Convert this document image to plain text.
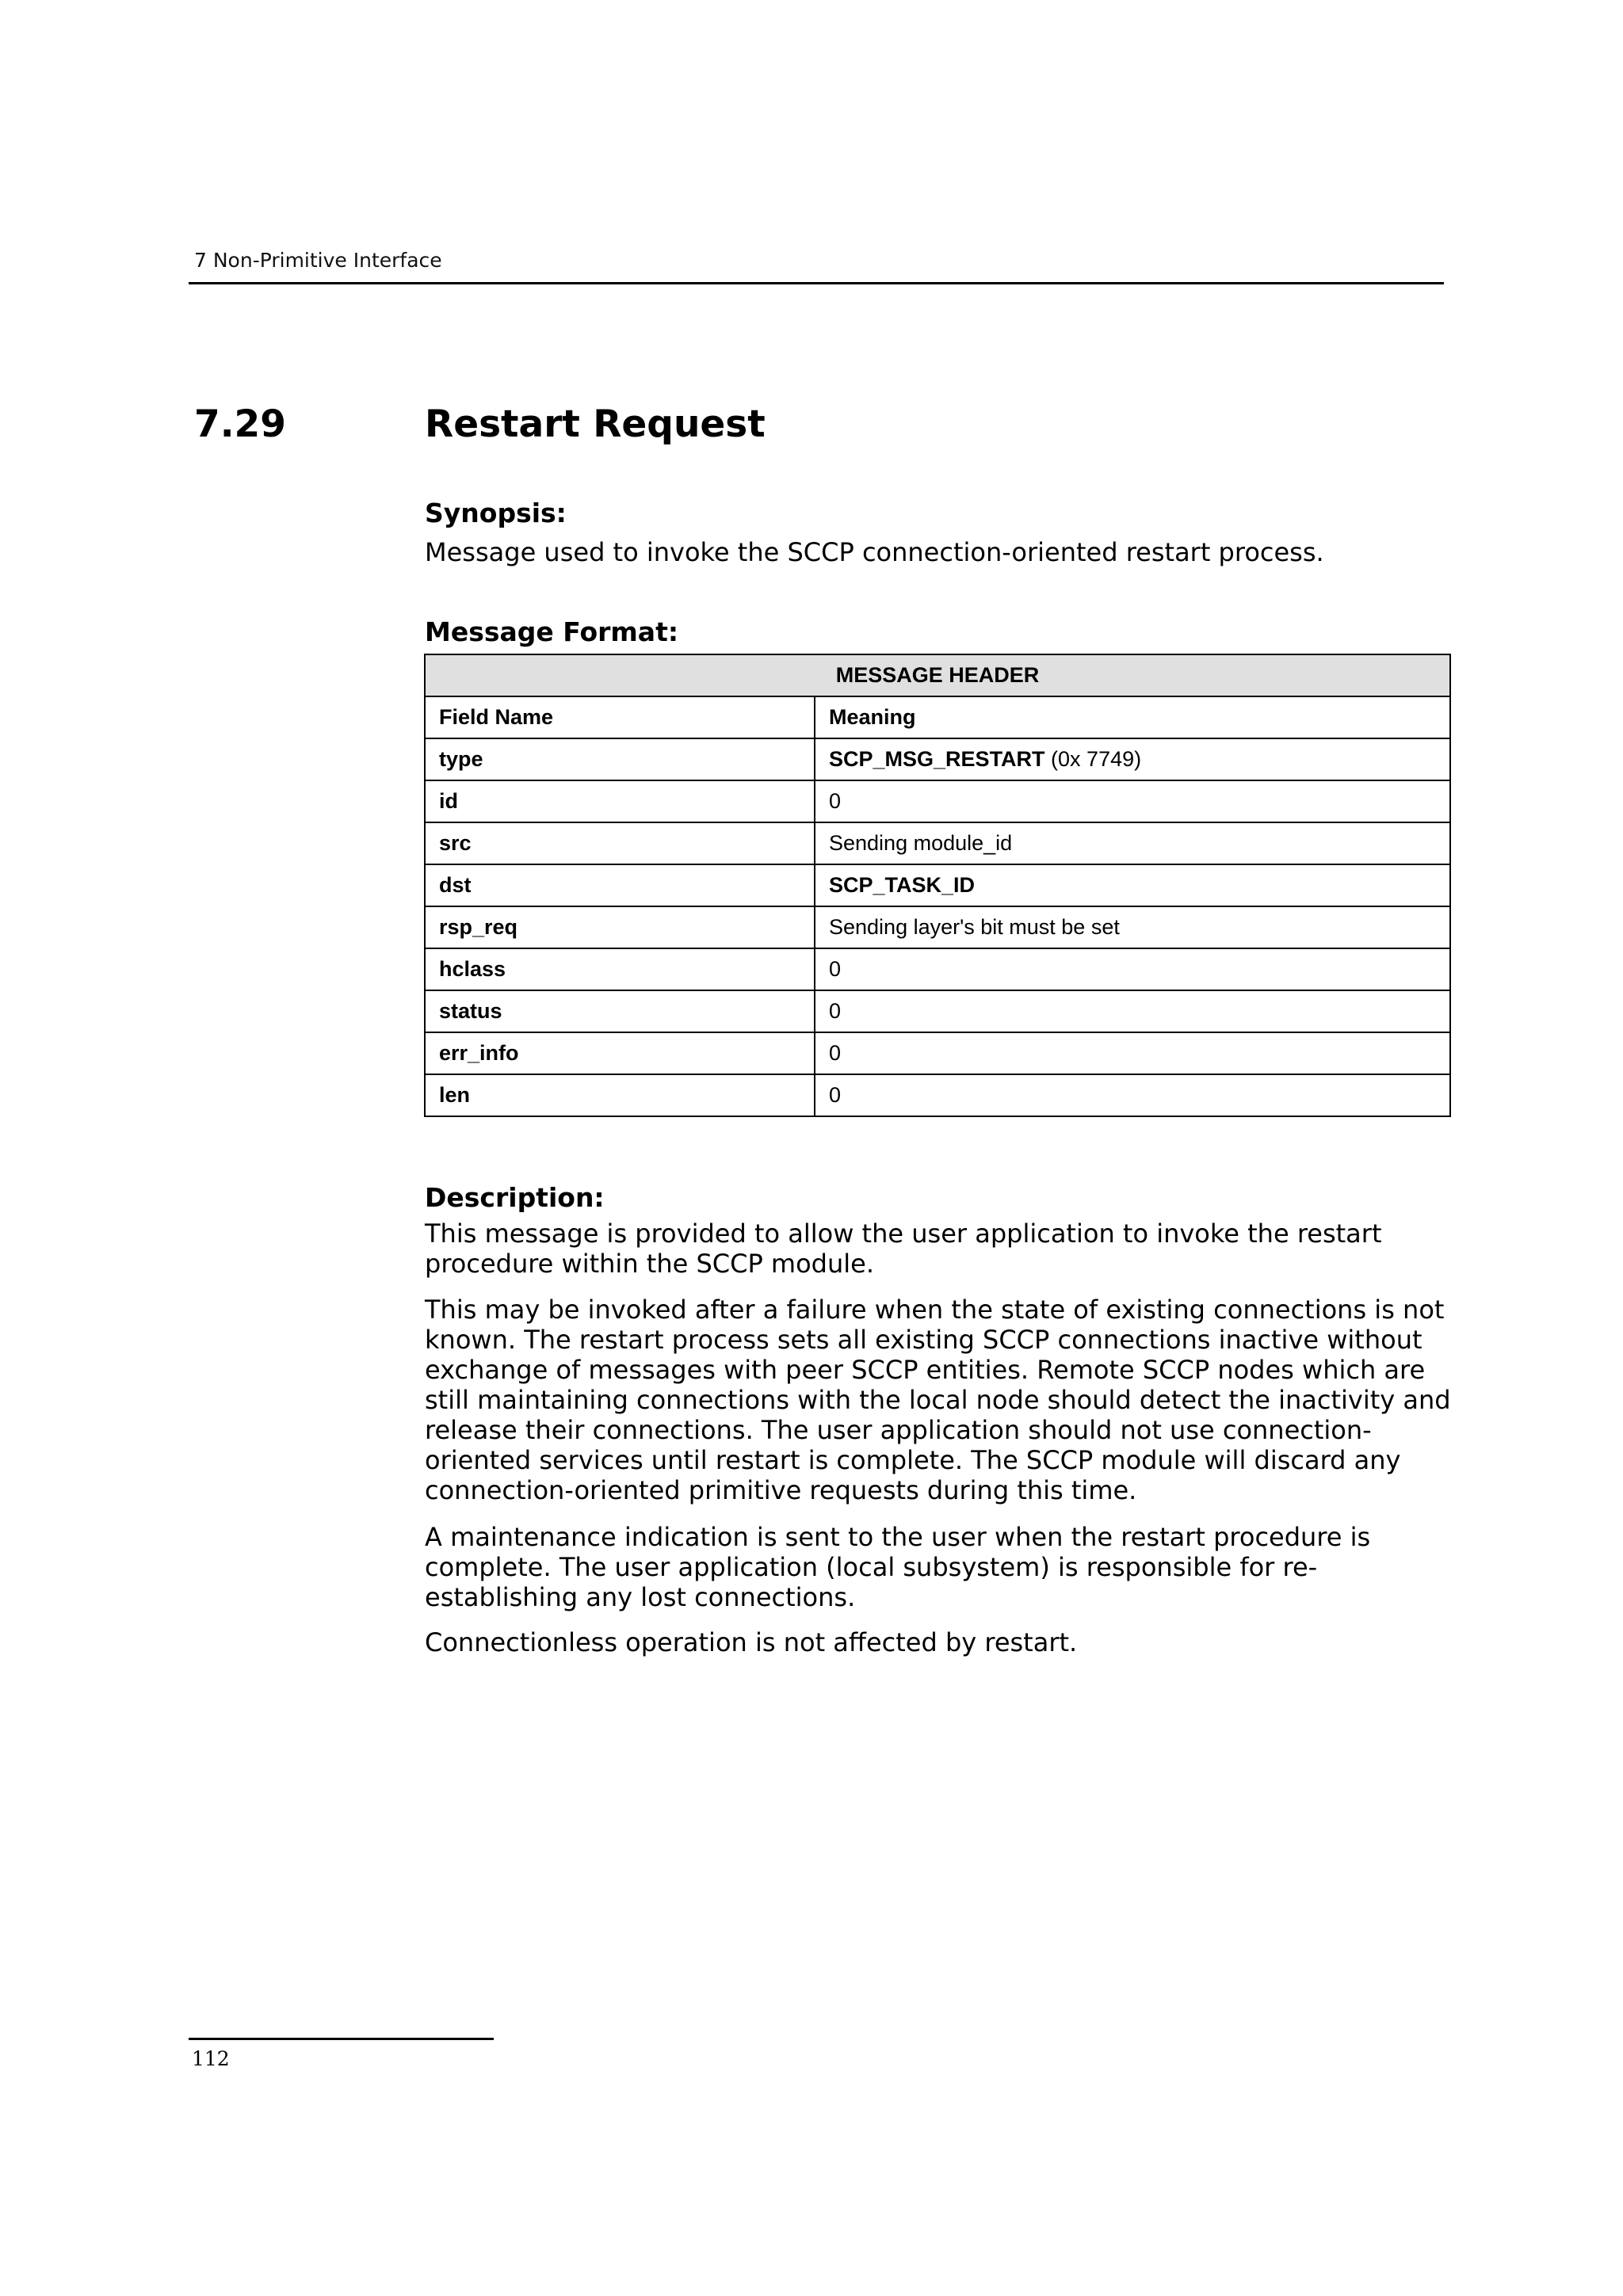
7 Non-Primitive Interface
7.29	Restart Request
Synopsis:
Message used to invoke the SCCP connection-oriented restart process.
Message Format:
MESSAGE HEADER	
Field Name	Meaning
type	SCP_MSG_RESTART (0x 7749)
id	0
src	Sending module_id
dst	SCP_TASK_ID
rsp_req	Sending layer's bit must be set
hclass	0
status	0
err_info	0
len	0
Description:
This message is provided to allow the user application to invoke the restart
procedure within the SCCP module.
This may be invoked after a failure when the state of existing connections is not
known. The restart process sets all existing SCCP connections inactive without
exchange of messages with peer SCCP entities. Remote SCCP nodes which are
still maintaining connections with the local node should detect the inactivity and
release their connections. The user application should not use connection-
oriented services until restart is complete. The SCCP module will discard any
connection-oriented primitive requests during this time.
A maintenance indication is sent to the user when the restart procedure is
complete. The user application (local subsystem) is responsible for re-
establishing any lost connections.
Connectionless operation is not affected by restart.
112
